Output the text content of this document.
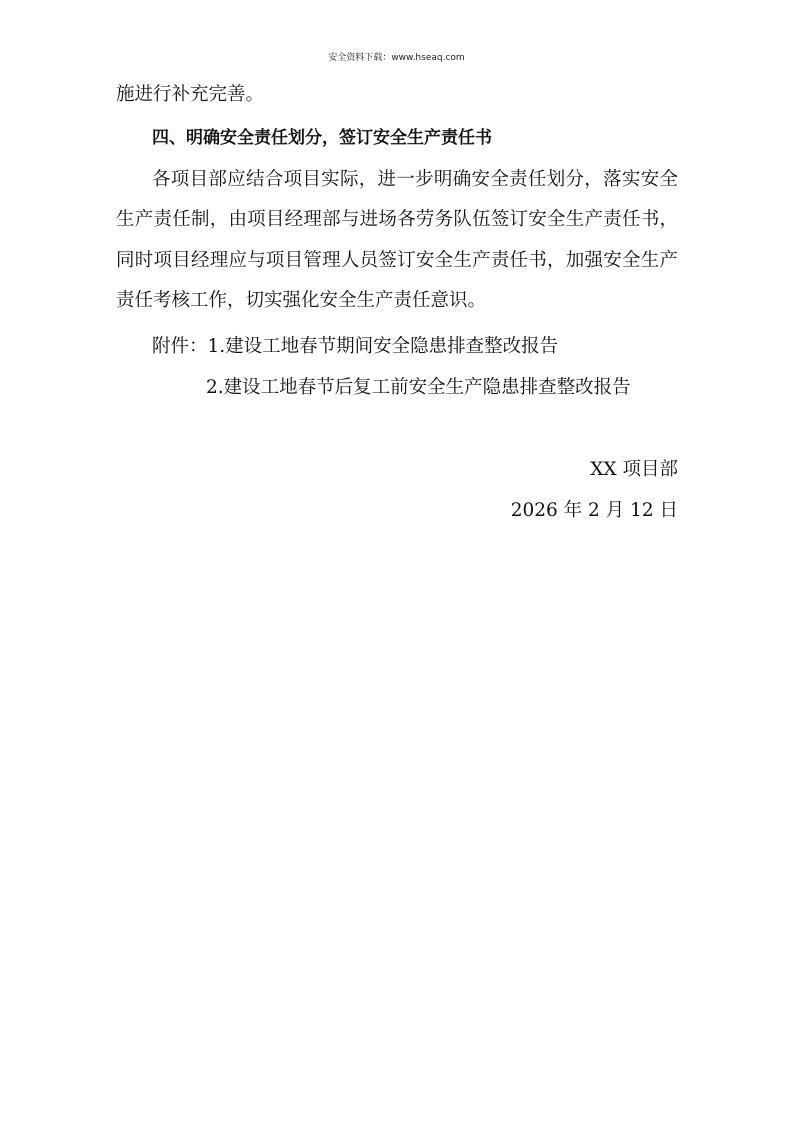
安全资料下载：www.hseaq.com
施进行补充完善。
四、明确安全责任划分，签订安全生产责任书
各项目部应结合项目实际，进一步明确安全责任划分，落实安全
生产责任制，由项目经理部与进场各劳务队伍签订安全生产责任书，
同时项目经理应与项目管理人员签订安全生产责任书，加强安全生产
责任考核工作，切实强化安全生产责任意识。
附件：1.建设工地春节期间安全隐患排查整改报告
2.建设工地春节后复工前安全生产隐患排查整改报告
XX 项目部
2026 年 2 月 12 日
